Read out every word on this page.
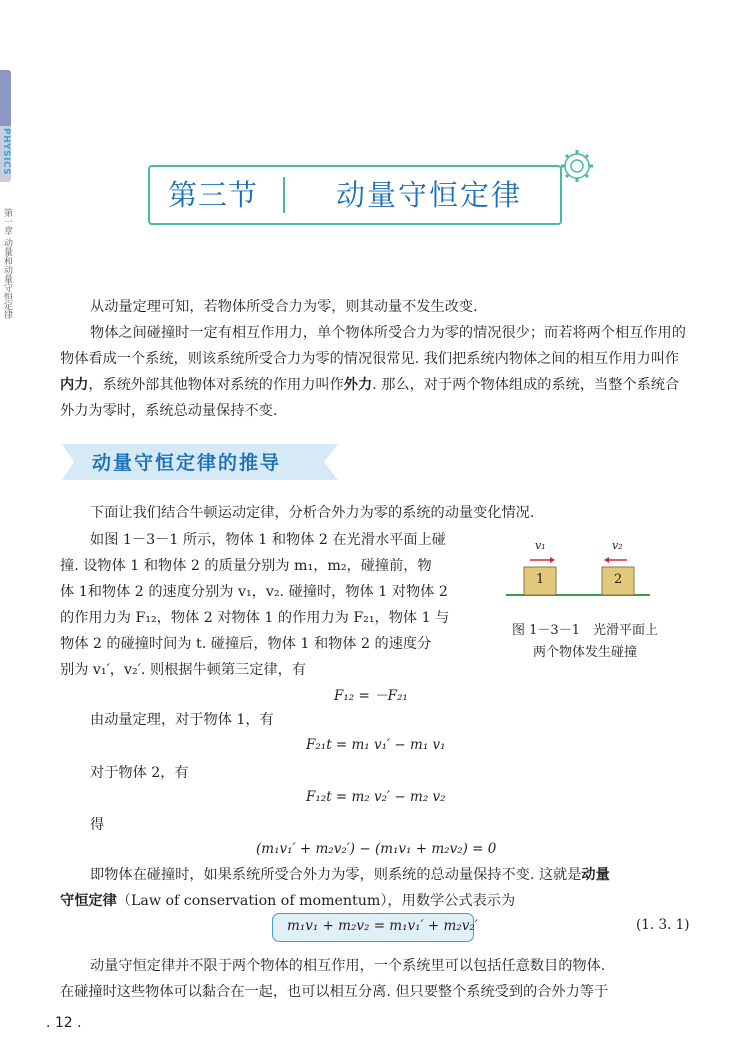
PHYSICS
第一章 动量和动量守恒定律
第三节	动量守恒定律

从动量定理可知，若物体所受合力为零，则其动量不发生改变.

物体之间碰撞时一定有相互作用力，单个物体所受合力为零的情况很少；而若将两个相互作用的物体看成一个系统，则该系统所受合力为零的情况很常见. 我们把系统内物体之间的相互作用力叫作内力，系统外部其他物体对系统的作用力叫作外力. 那么，对于两个物体组成的系统，当整个系统合外力为零时，系统总动量保持不变.

动量守恒定律的推导

下面让我们结合牛顿运动定律，分析合外力为零的系统的动量变化情况.

如图 1－3－1 所示，物体 1 和物体 2 在光滑水平面上碰
撞. 设物体 1 和物体 2 的质量分别为 m₁，m₂，碰撞前，物
体 1和物体 2 的速度分别为 v₁，v₂. 碰撞时，物体 1 对物体 2
的作用力为 F₁₂，物体 2 对物体 1 的作用力为 F₂₁，物体 1 与
物体 2 的碰撞时间为 t. 碰撞后，物体 1 和物体 2 的速度分
别为 v₁′，v₂′. 则根据牛顿第三定律，有
F₁₂ = －F₂₁
由动量定理，对于物体 1，有
F₂₁t = m₁ v₁′ − m₁ v₁
对于物体 2，有
F₁₂t = m₂ v₂′ − m₂ v₂
得
(m₁v₁′ + m₂v₂′) − (m₁v₁ + m₂v₂) = 0
即物体在碰撞时，如果系统所受合外力为零，则系统的总动量保持不变. 这就是动量
守恒定律（Law of conservation of momentum），用数学公式表示为
m₁v₁ + m₂v₂ = m₁v₁′ + m₂v₂′	(1. 3. 1)
动量守恒定律并不限于两个物体的相互作用，一个系统里可以包括任意数目的物体.
在碰撞时这些物体可以黏合在一起，也可以相互分离. 但只要整个系统受到的合外力等于
v₁	v₂
1	2
图 1－3－1　光滑平面上
两个物体发生碰撞
. 12 .
